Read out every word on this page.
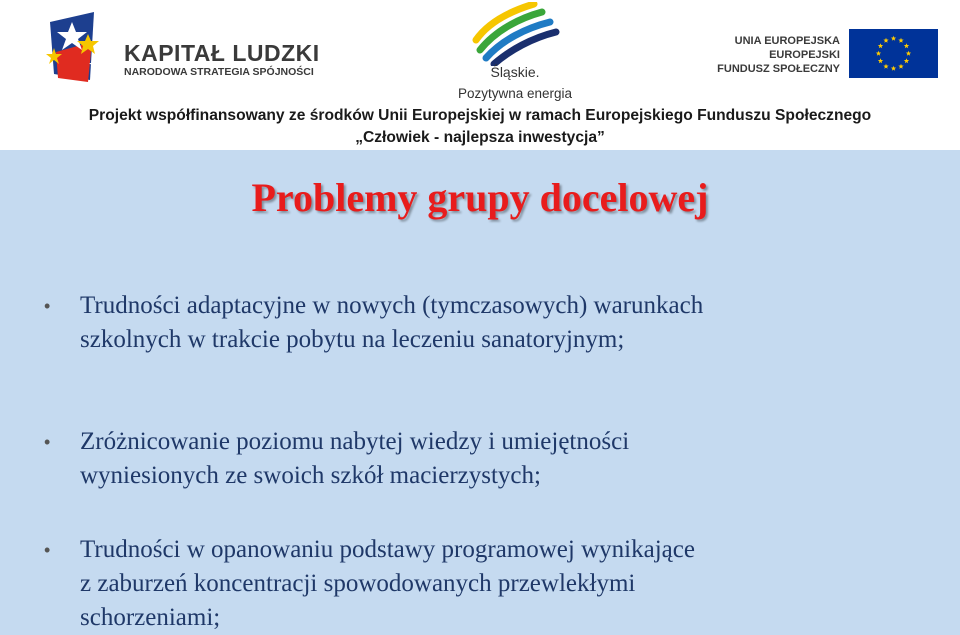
KAPITAŁ LUDZKI
NARODOWA STRATEGIA SPÓJNOŚCI	Śląskie.
Pozytywna energia
UNIA EUROPEJSKA
EUROPEJSKI
FUNDUSZ SPOŁECZNY
Projekt współfinansowany ze środków Unii Europejskiej w ramach Europejskiego Funduszu Społecznego
„Człowiek - najlepsza inwestycja”
Problemy grupy docelowej
• Trudności adaptacyjne w nowych (tymczasowych) warunkach
szkolnych w trakcie pobytu na leczeniu sanatoryjnym;
• Zróżnicowanie poziomu nabytej wiedzy i umiejętności
wyniesionych ze swoich szkół macierzystych;
• Trudności w opanowaniu podstawy programowej wynikające
z zaburzeń koncentracji spowodowanych przewlekłymi
schorzeniami;
